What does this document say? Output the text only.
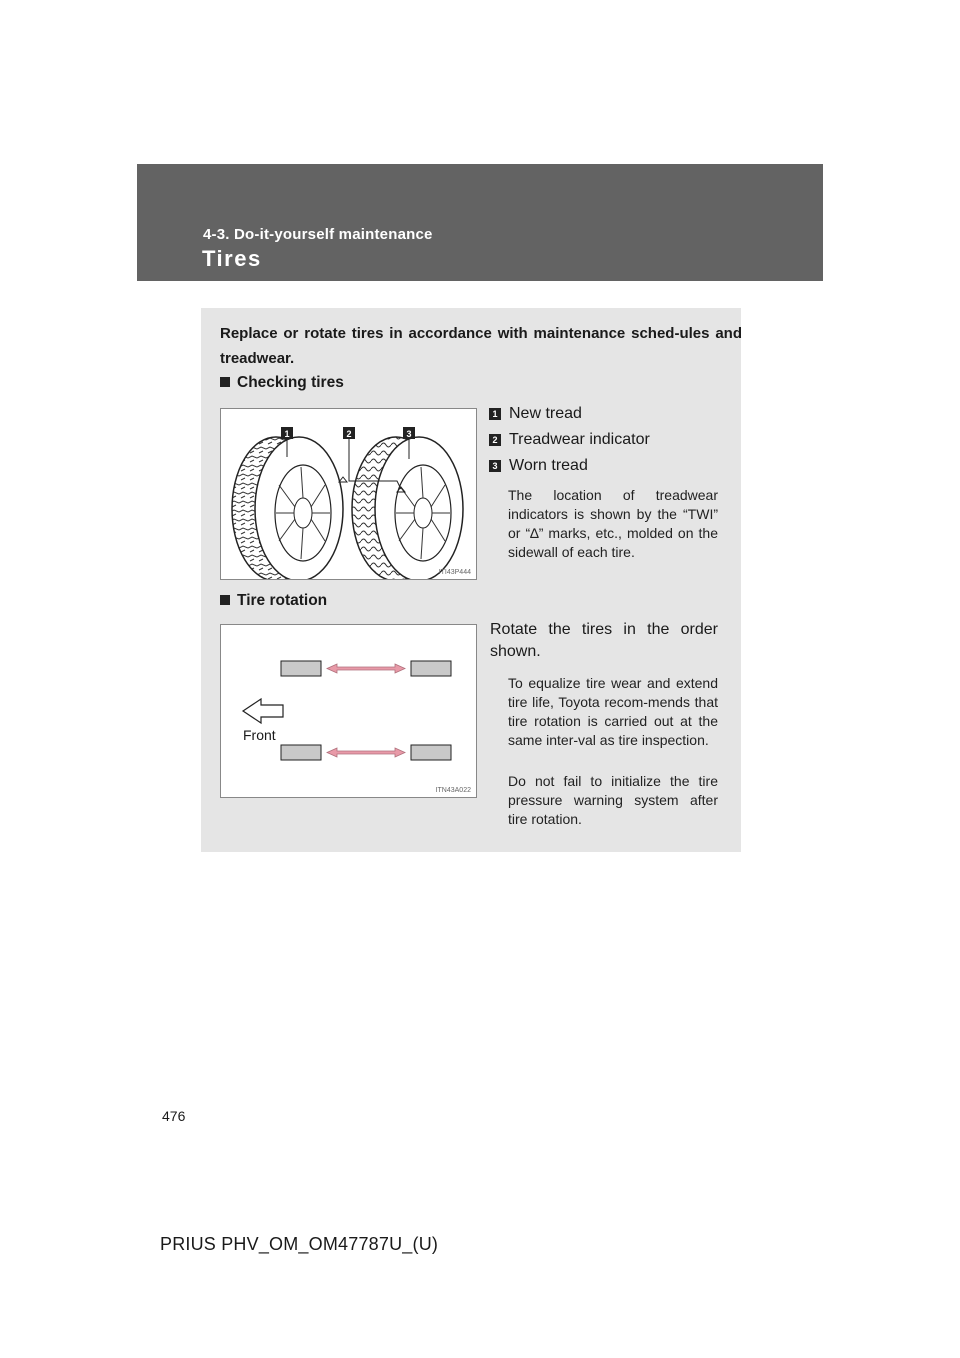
4-3. Do-it-yourself maintenance
Tires
Replace or rotate tires in accordance with maintenance sched-ules and treadwear.
Checking tires
1	2	3
ITI43P444
1 New tread
2 Treadwear indicator
3 Worn tread
The location of treadwear indicators is shown by the “TWI” or “∆” marks, etc., molded on the sidewall of each tire.
Tire rotation
Front
ITN43A022
Rotate the tires in the order shown.
To equalize tire wear and extend tire life, Toyota recom-mends that tire rotation is carried out at the same inter-val as tire inspection.
Do not fail to initialize the tire pressure warning system after tire rotation.
476
PRIUS PHV_OM_OM47787U_(U)
